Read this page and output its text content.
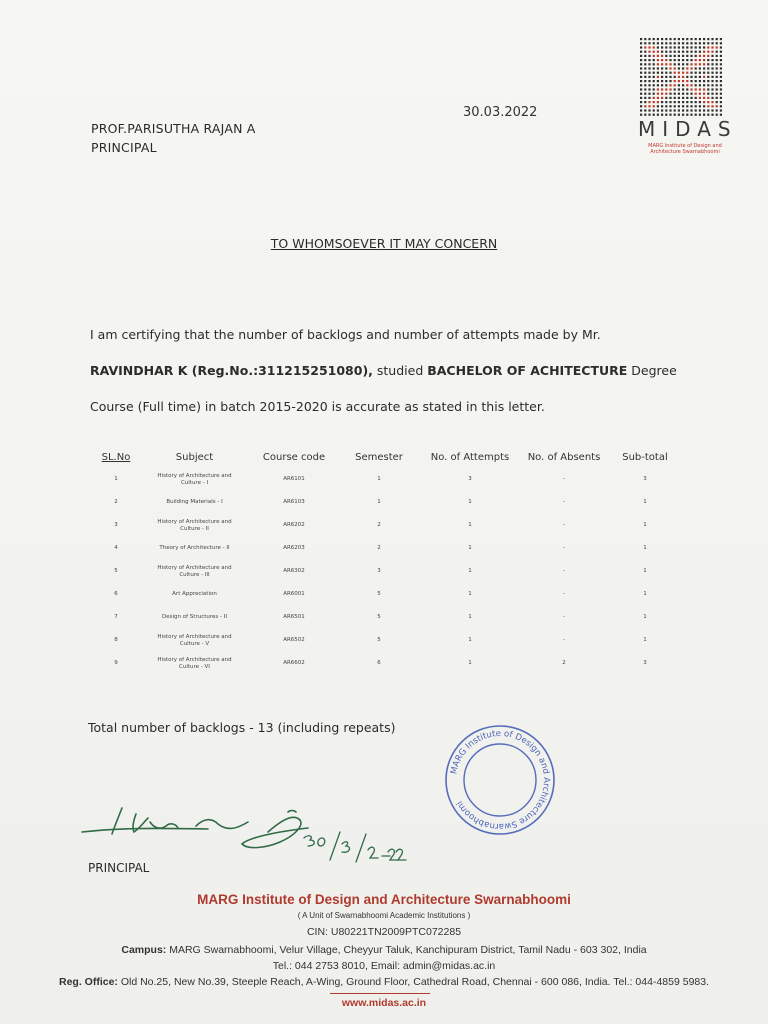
MIDAS
MARG Institute of Design and
Architecture Swarnabhoomi
30.03.2022
PROF.PARISUTHA RAJAN A
PRINCIPAL
TO WHOMSOEVER IT MAY CONCERN
I am certifying that the number of backlogs and number of attempts made by Mr.
RAVINDHAR K (Reg.No.:311215251080), studied BACHELOR OF ACHITECTURE Degree
Course (Full time) in batch 2015-2020 is accurate as stated in this letter.
SL.No	Subject	Course code	Semester	No. of Attempts	No. of Absents	Sub-total
1	History of Architecture and
Culture - I	AR6101	1	3	-	3
2	Building Materials - I	AR6103	1	1	-	1
3	History of Architecture and
Culture - II	AR6202	2	1	-	1
4	Theory of Architecture - II	AR6203	2	1	-	1
5	History of Architecture and
Culture - III	AR6302	3	1	-	1
6	Art Appreciation	AR6001	5	1	-	1
7	Design of Structures - II	AR6501	5	1	-	1
8	History of Architecture and
Culture - V	AR6502	5	1	-	1
9	History of Architecture and
Culture - VI	AR6602	6	1	2	3
Total number of backlogs - 13 (including repeats)
MARG Institute of Design and Architecture Swarnabhoomi
PRINCIPAL
MARG Institute of Design and Architecture Swarnabhoomi
( A Unit of Swarnabhoomi Academic Institutions )
CIN: U80221TN2009PTC072285
Campus: MARG Swarnabhoomi, Velur Village, Cheyyur Taluk, Kanchipuram District, Tamil Nadu - 603 302, India
Tel.: 044 2753 8010, Email: admin@midas.ac.in
Reg. Office: Old No.25, New No.39, Steeple Reach, A-Wing, Ground Floor, Cathedral Road, Chennai - 600 086, India. Tel.: 044-4859 5983.
www.midas.ac.in
